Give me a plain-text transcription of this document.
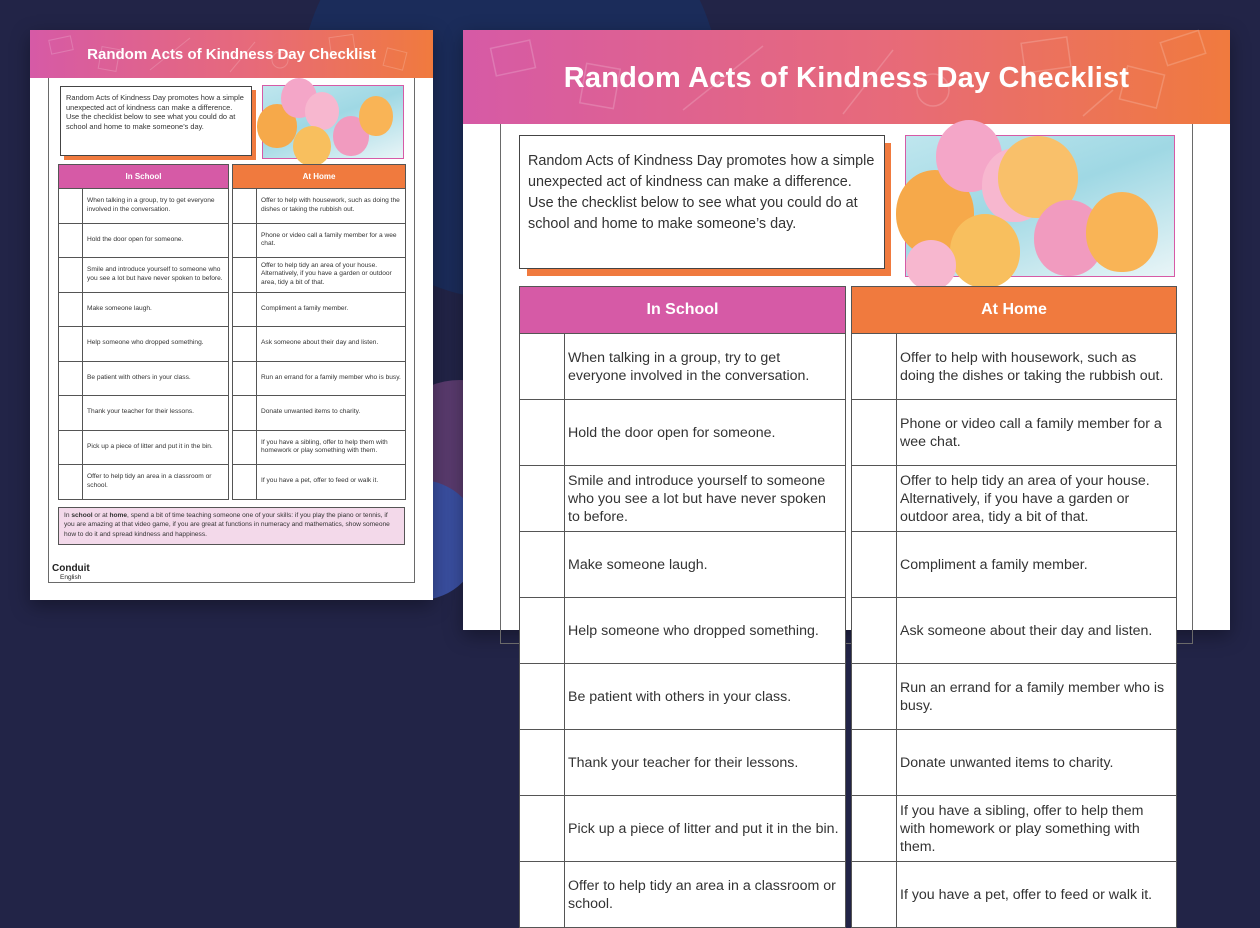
Random Acts of Kindness Day Checklist
Random Acts of Kindness Day promotes how a simple unexpected act of kindness can make a difference. Use the checklist below to see what you could do at school and home to make someone’s day.
In School			At Home	
	When talking in a group, try to get everyone involved in the conversation.			Offer to help with housework, such as doing the dishes or taking the rubbish out.
	Hold the door open for someone.			Phone or video call a family member for a wee chat.
	Smile and introduce yourself to someone who you see a lot but have never spoken to before.			Offer to help tidy an area of your house. Alternatively, if you have a garden or outdoor area, tidy a bit of that.
	Make someone laugh.			Compliment a family member.
	Help someone who dropped something.			Ask someone about their day and listen.
	Be patient with others in your class.			Run an errand for a family member who is busy.
	Thank your teacher for their lessons.			Donate unwanted items to charity.
	Pick up a piece of litter and put it in the bin.			If you have a sibling, offer to help them with homework or play something with them.
	Offer to help tidy an area in a classroom or school.			If you have a pet, offer to feed or walk it.
In school or at home, spend a bit of time teaching someone one of your skills: if you play the piano or tennis, if you are amazing at that video game, if you are great at functions in numeracy and mathematics, show someone how to do it and spread kindness and happiness.
Conduit
English
Random Acts of Kindness Day Checklist
Random Acts of Kindness Day promotes how a simple unexpected act of kindness can make a difference. Use the checklist below to see what you could do at school and home to make someone’s day.
In School			At Home	
	When talking in a group, try to get everyone involved in the conversation.			Offer to help with housework, such as doing the dishes or taking the rubbish out.
	Hold the door open for someone.			Phone or video call a family member for a wee chat.
	Smile and introduce yourself to someone who you see a lot but have never spoken to before.			Offer to help tidy an area of your house. Alternatively, if you have a garden or outdoor area, tidy a bit of that.
	Make someone laugh.			Compliment a family member.
	Help someone who dropped something.			Ask someone about their day and listen.
	Be patient with others in your class.			Run an errand for a family member who is busy.
	Thank your teacher for their lessons.			Donate unwanted items to charity.
	Pick up a piece of litter and put it in the bin.			If you have a sibling, offer to help them with homework or play something with them.
	Offer to help tidy an area in a classroom or school.			If you have a pet, offer to feed or walk it.
